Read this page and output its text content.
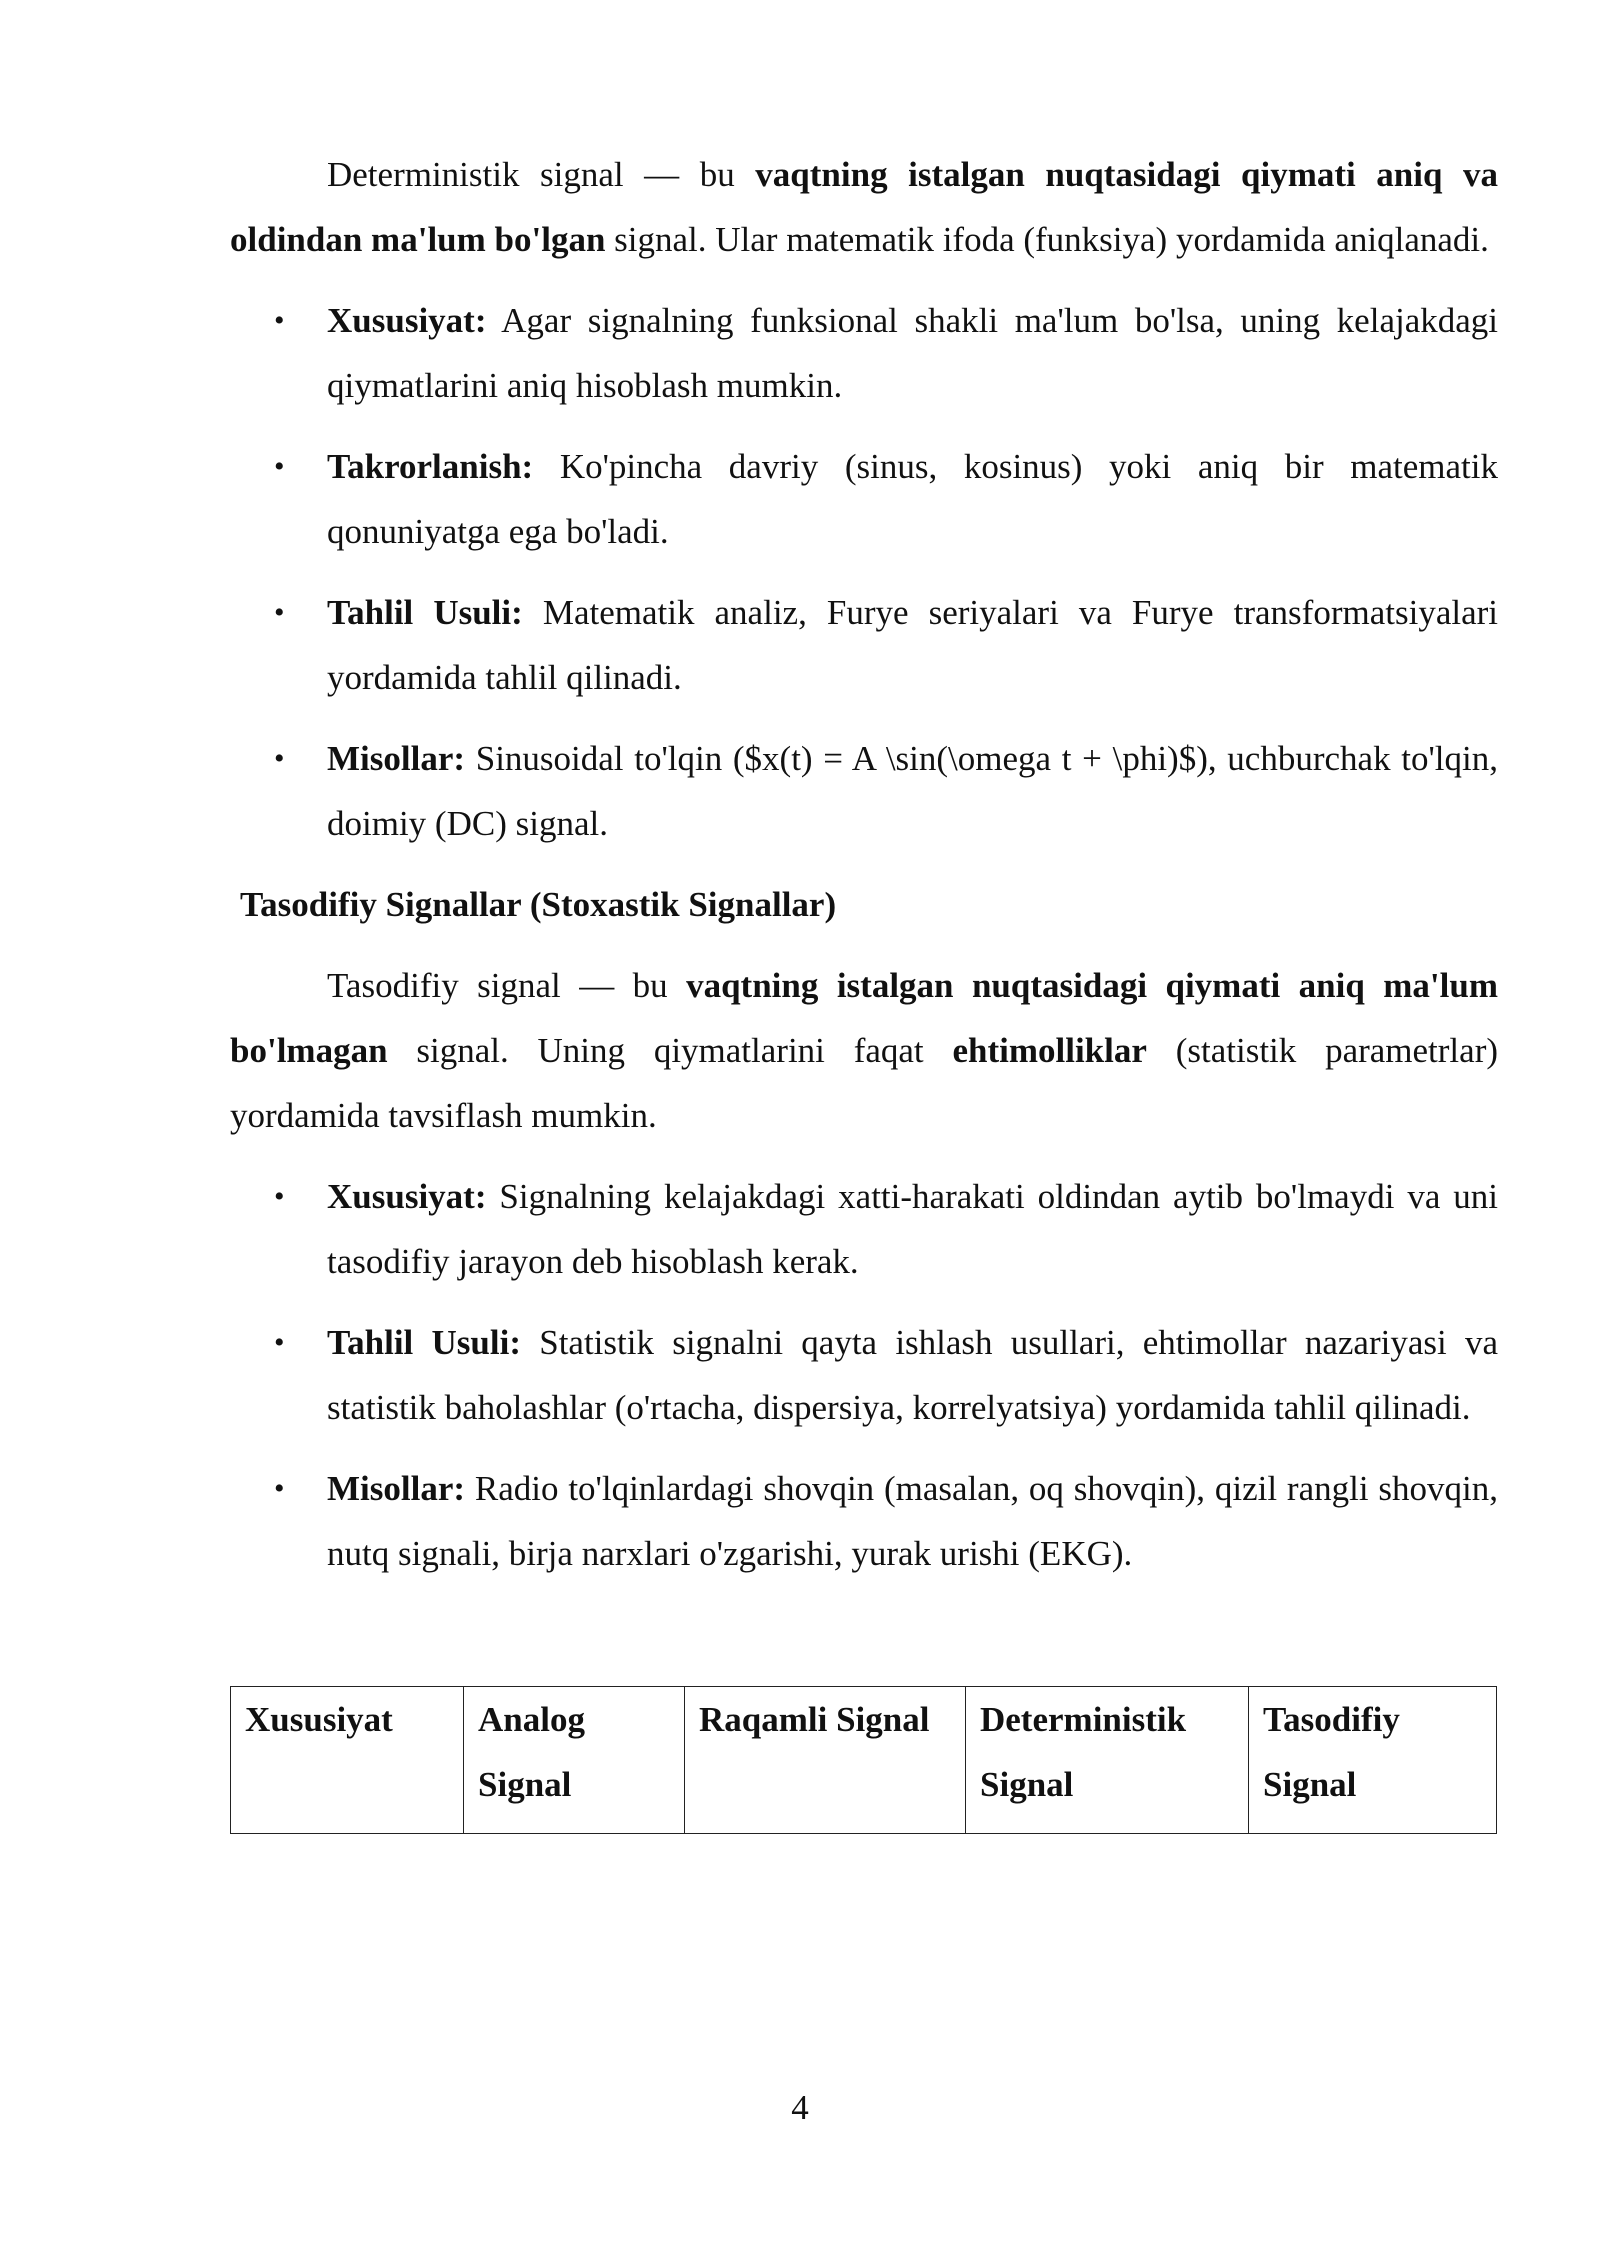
Deterministik signal — bu vaqtning istalgan nuqtasidagi qiymati aniq va oldindan ma'lum bo'lgan signal. Ular matematik ifoda (funksiya) yordamida aniqlanadi.

• Xususiyat: Agar signalning funksional shakli ma'lum bo'lsa, uning kelajakdagi qiymatlarini aniq hisoblash mumkin.
• Takrorlanish: Ko'pincha davriy (sinus, kosinus) yoki aniq bir matematik qonuniyatga ega bo'ladi.
• Tahlil Usuli: Matematik analiz, Furye seriyalari va Furye transformatsiyalari yordamida tahlil qilinadi.
• Misollar: Sinusoidal to'lqin ($x(t) = A \sin(\omega t + \phi)$), uchburchak to'lqin, doimiy (DC) signal.

Tasodifiy Signallar (Stoxastik Signallar)

Tasodifiy signal — bu vaqtning istalgan nuqtasidagi qiymati aniq ma'lum bo'lmagan signal. Uning qiymatlarini faqat ehtimolliklar (statistik parametrlar) yordamida tavsiflash mumkin.

• Xususiyat: Signalning kelajakdagi xatti-harakati oldindan aytib bo'lmaydi va uni tasodifiy jarayon deb hisoblash kerak.
• Tahlil Usuli: Statistik signalni qayta ishlash usullari, ehtimollar nazariyasi va statistik baholashlar (o'rtacha, dispersiya, korrelyatsiya) yordamida tahlil qilinadi.
• Misollar: Radio to'lqinlardagi shovqin (masalan, oq shovqin), qizil rangli shovqin, nutq signali, birja narxlari o'zgarishi, yurak urishi (EKG).
Xususiyat	Analog Signal	Raqamli Signal	Deterministik Signal	Tasodifiy Signal
4
